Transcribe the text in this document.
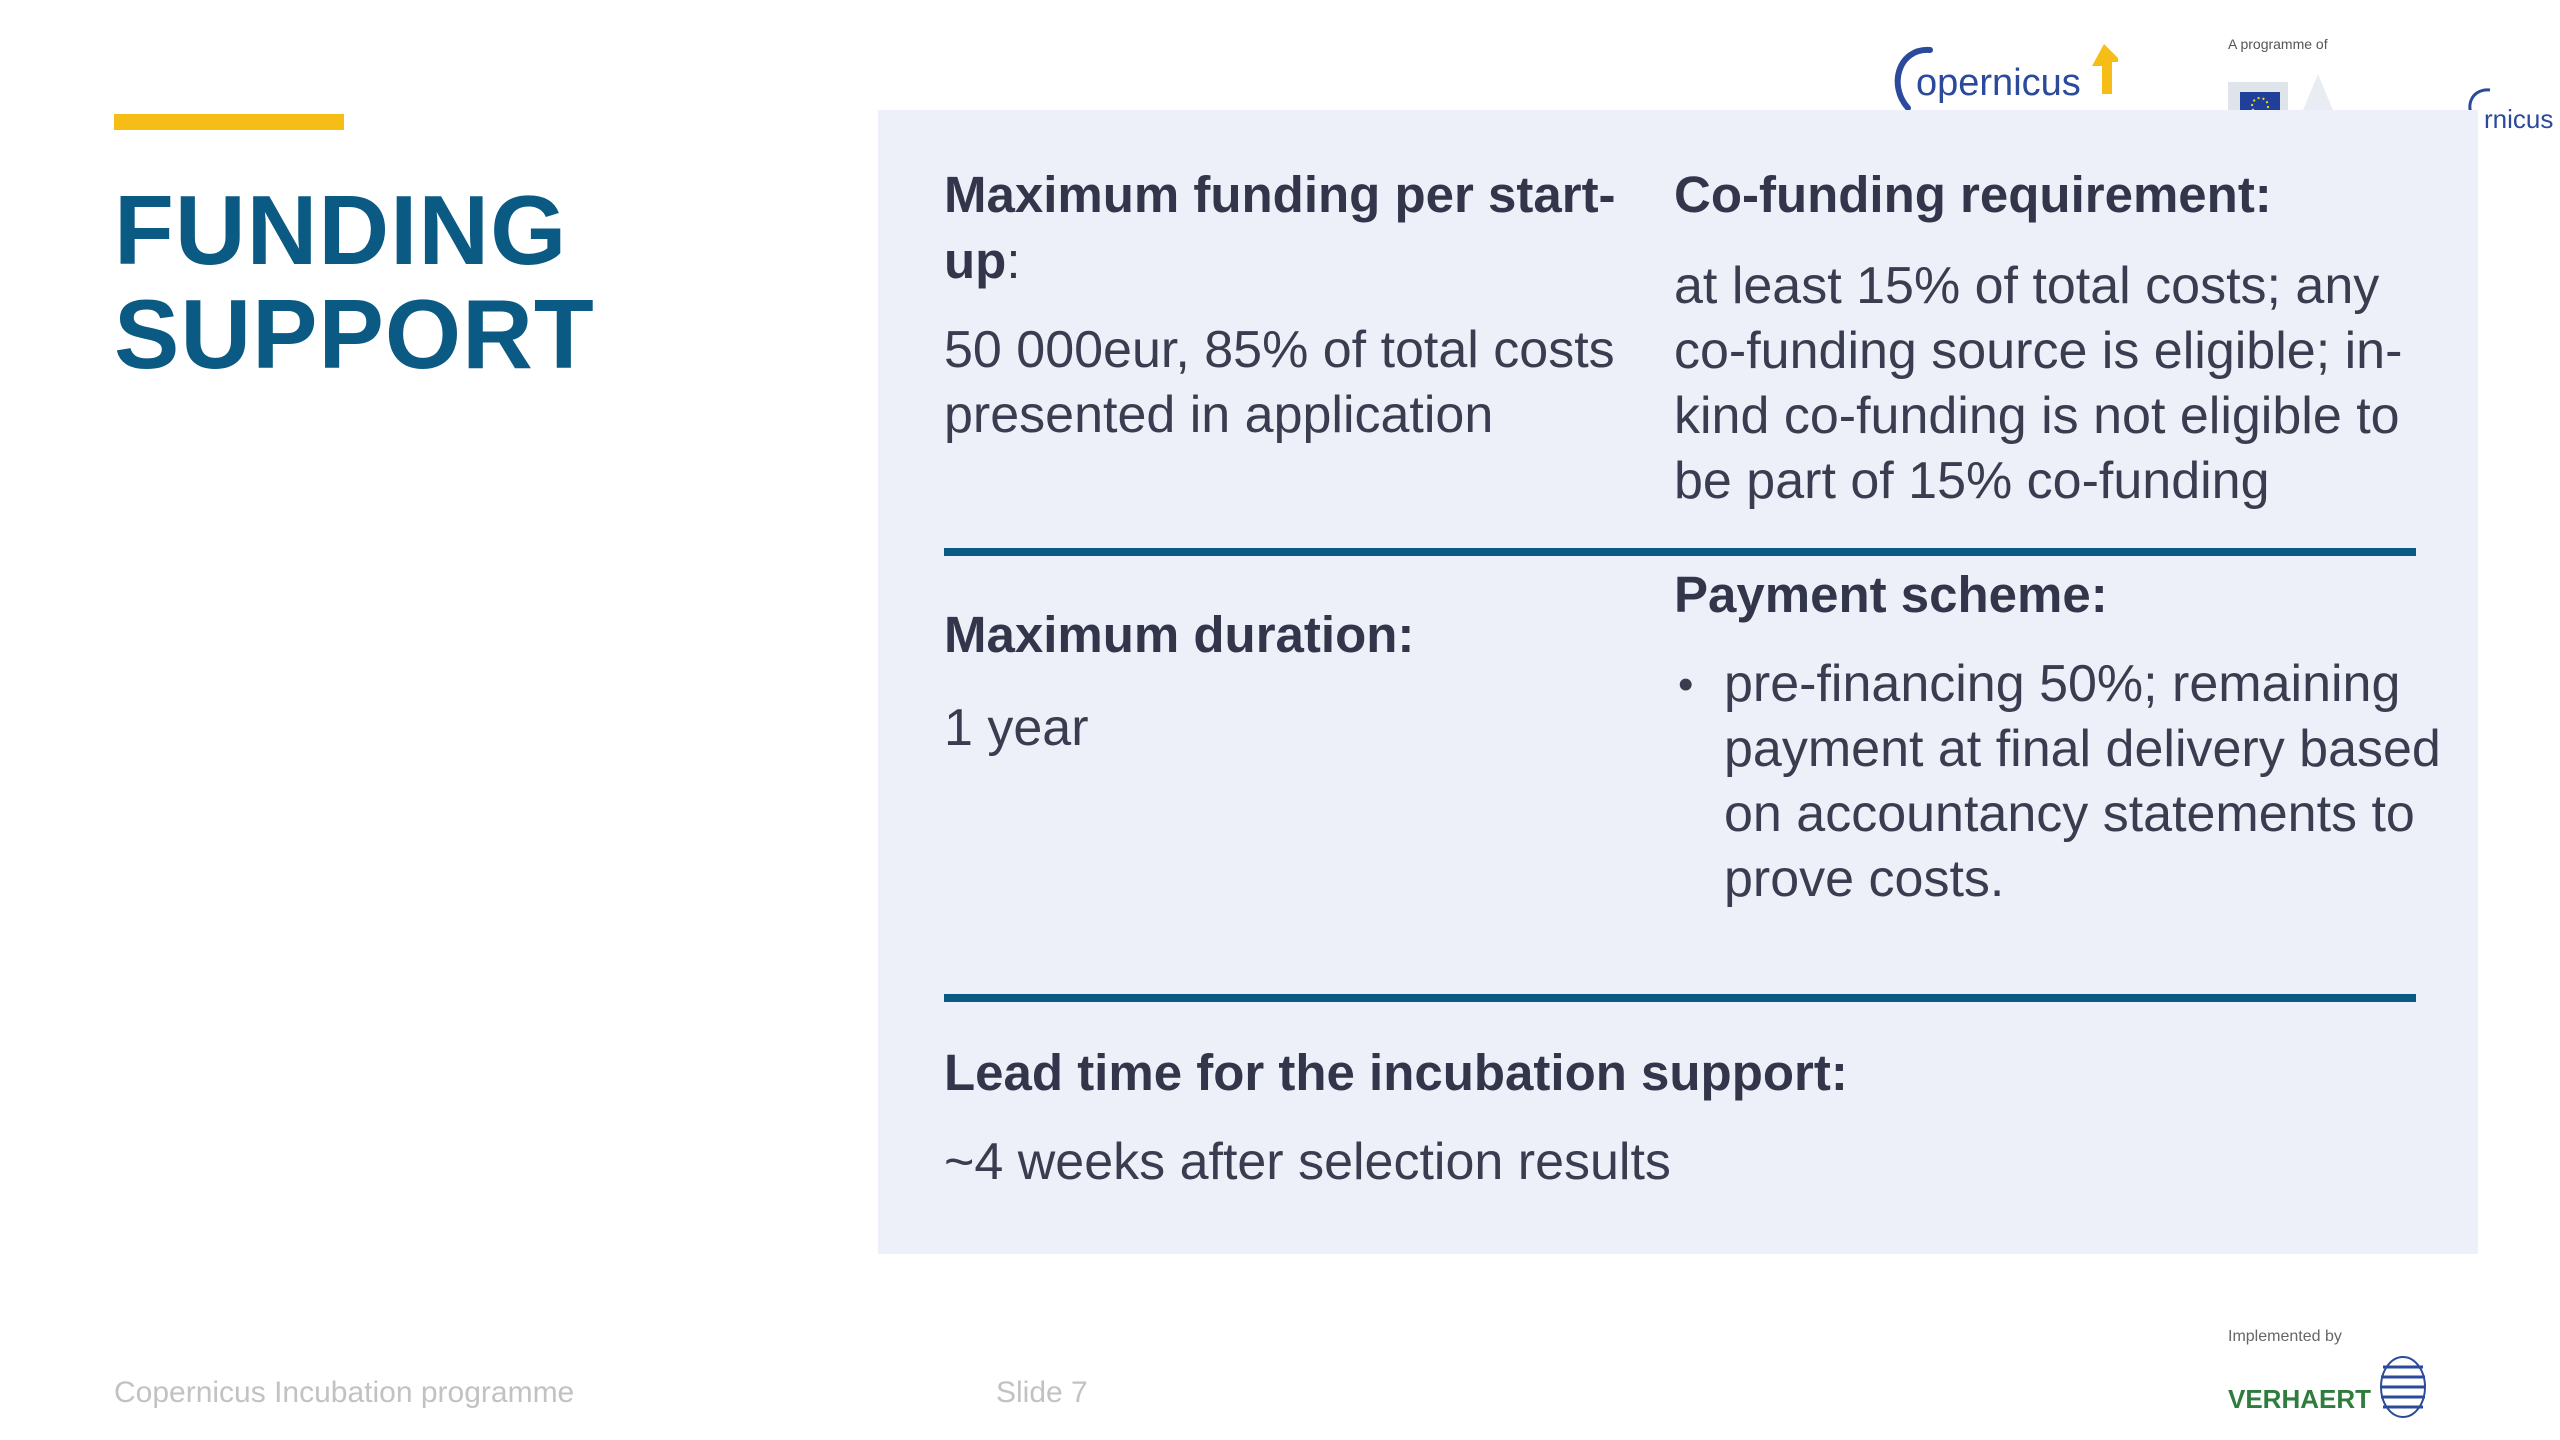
FUNDING
SUPPORT
opernicus
A programme of
rnicus
Maximum funding per start-up:

50 000eur, 85% of total costs presented in application

Co-funding requirement:

at least 15% of total costs; any co-funding source is eligible; in-kind co-funding is not eligible to be part of 15% co-funding

Maximum duration:

1 year

Payment scheme:
• pre-financing 50%; remaining payment at final delivery based on accountancy statements to prove costs.
Lead time for the incubation support:

~4 weeks after selection results

Copernicus Incubation programme	Slide 7
Implemented by
VERHAERT
